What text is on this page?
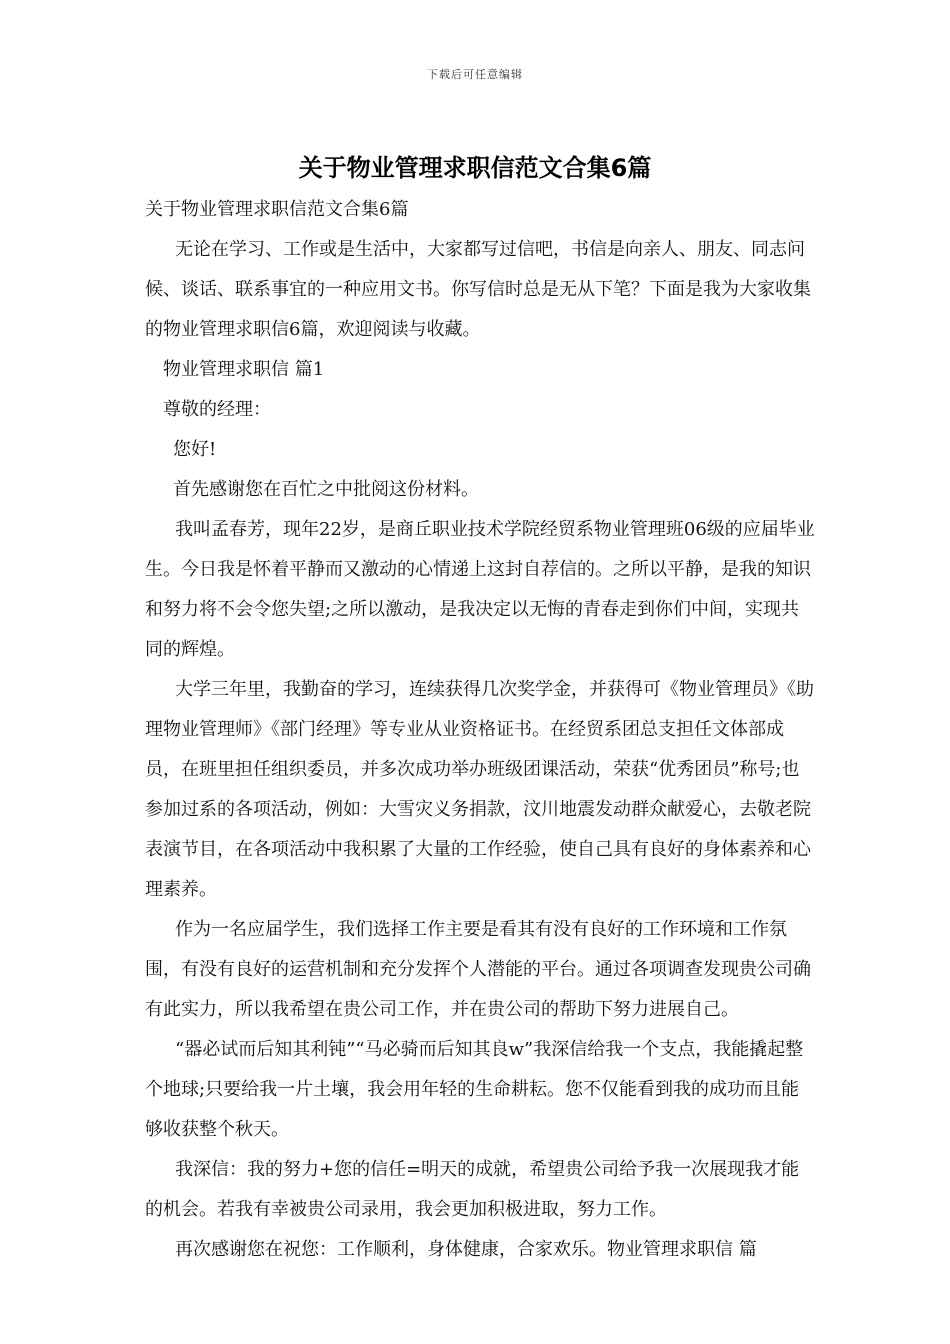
下载后可任意编辑
关于物业管理求职信范文合集6篇

关于物业管理求职信范文合集6篇

无论在学习、工作或是生活中，大家都写过信吧，书信是向亲人、朋友、同志问候、谈话、联系事宜的一种应用文书。你写信时总是无从下笔？下面是我为大家收集的物业管理求职信6篇，欢迎阅读与收藏。

物业管理求职信 篇1

尊敬的经理：

您好!

首先感谢您在百忙之中批阅这份材料。

我叫孟春芳，现年22岁，是商丘职业技术学院经贸系物业管理班06级的应届毕业生。今日我是怀着平静而又激动的心情递上这封自荐信的。之所以平静，是我的知识和努力将不会令您失望;之所以激动，是我决定以无悔的青春走到你们中间，实现共同的辉煌。

大学三年里，我勤奋的学习，连续获得几次奖学金，并获得可《物业管理员》《助理物业管理师》《部门经理》等专业从业资格证书。在经贸系团总支担任文体部成员，在班里担任组织委员，并多次成功举办班级团课活动，荣获“优秀团员”称号;也参加过系的各项活动，例如：大雪灾义务捐款，汶川地震发动群众献爱心，去敬老院表演节目，在各项活动中我积累了大量的工作经验，使自己具有良好的身体素养和心理素养。

作为一名应届学生，我们选择工作主要是看其有没有良好的工作环境和工作氛围，有没有良好的运营机制和充分发挥个人潜能的平台。通过各项调查发现贵公司确有此实力，所以我希望在贵公司工作，并在贵公司的帮助下努力进展自己。

“器必试而后知其利钝”“马必骑而后知其良w”我深信给我一个支点，我能撬起整个地球;只要给我一片土壤，我会用年轻的生命耕耘。您不仅能看到我的成功而且能够收获整个秋天。

我深信：我的努力+您的信任=明天的成就，希望贵公司给予我一次展现我才能的机会。若我有幸被贵公司录用，我会更加积极进取，努力工作。

再次感谢您在祝您：工作顺利，身体健康，合家欢乐。物业管理求职信 篇
